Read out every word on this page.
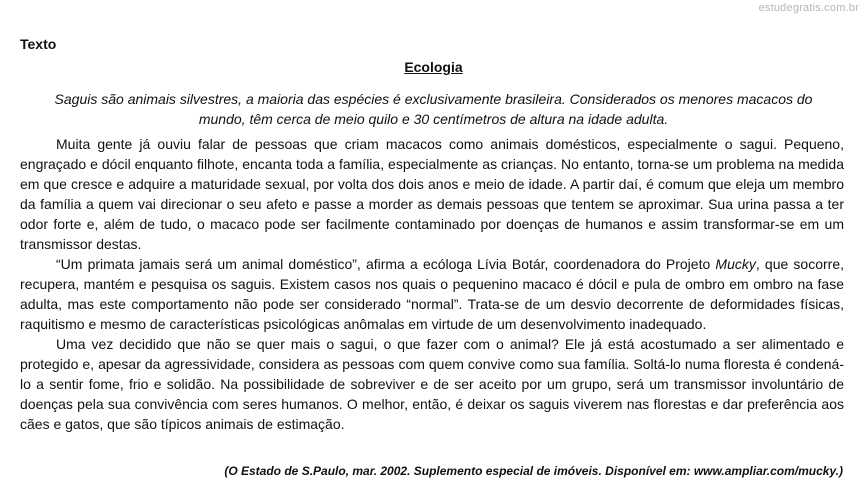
estudegratis.com.br
Texto
Ecologia
Saguis são animais silvestres, a maioria das espécies é exclusivamente brasileira. Considerados os menores macacos do mundo, têm cerca de meio quilo e 30 centímetros de altura na idade adulta.

Muita gente já ouviu falar de pessoas que criam macacos como animais domésticos, especialmente o sagui. Pequeno, engraçado e dócil enquanto filhote, encanta toda a família, especialmente as crianças. No entanto, torna-se um problema na medida em que cresce e adquire a maturidade sexual, por volta dos dois anos e meio de idade. A partir daí, é comum que eleja um membro da família a quem vai direcionar o seu afeto e passe a morder as demais pessoas que tentem se aproximar. Sua urina passa a ter odor forte e, além de tudo, o macaco pode ser facilmente contaminado por doenças de humanos e assim transformar-se em um transmissor destas.

“Um primata jamais será um animal doméstico”, afirma a ecóloga Lívia Botár, coordenadora do Projeto Mucky, que socorre, recupera, mantém e pesquisa os saguis. Existem casos nos quais o pequenino macaco é dócil e pula de ombro em ombro na fase adulta, mas este comportamento não pode ser considerado “normal”. Trata-se de um desvio decorrente de deformidades físicas, raquitismo e mesmo de características psicológicas anômalas em virtude de um desenvolvimento inadequado.

Uma vez decidido que não se quer mais o sagui, o que fazer com o animal? Ele já está acostumado a ser alimentado e protegido e, apesar da agressividade, considera as pessoas com quem convive como sua família. Soltá-lo numa floresta é condená-lo a sentir fome, frio e solidão. Na possibilidade de sobreviver e de ser aceito por um grupo, será um transmissor involuntário de doenças pela sua convivência com seres humanos. O melhor, então, é deixar os saguis viverem nas florestas e dar preferência aos cães e gatos, que são típicos animais de estimação.

(O Estado de S.Paulo, mar. 2002. Suplemento especial de imóveis. Disponível em: www.ampliar.com/mucky.)
